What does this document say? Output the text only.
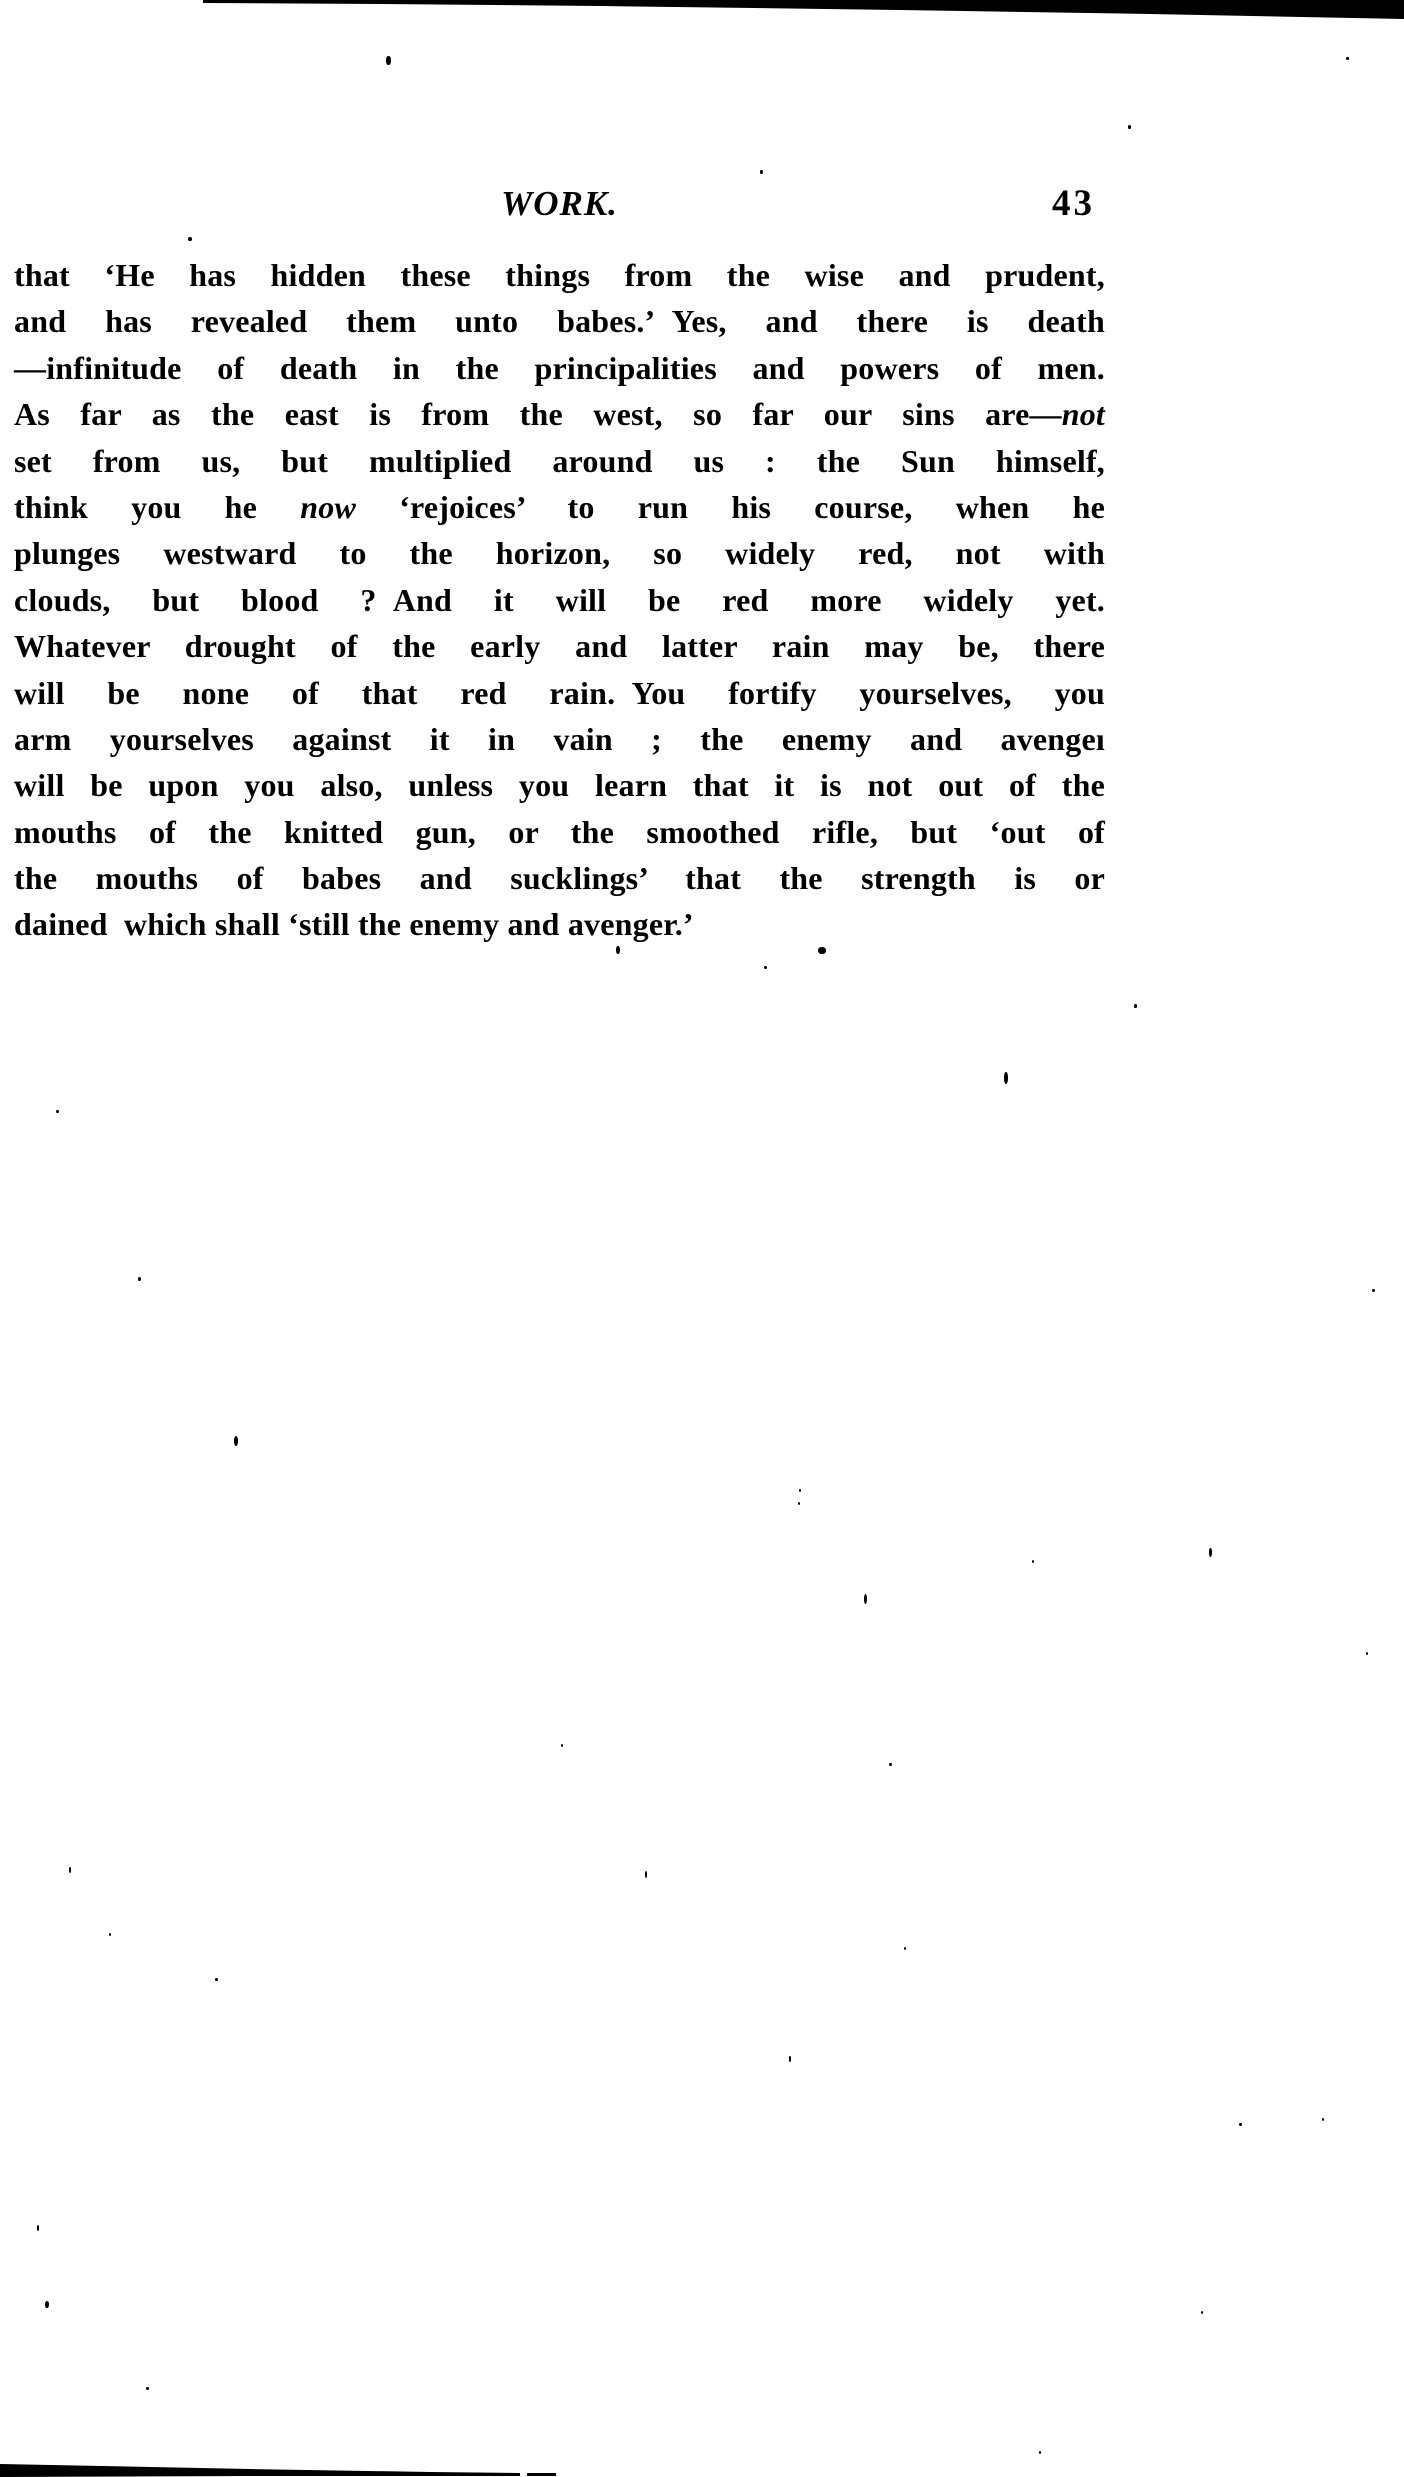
WORK.	43
that ‘He has hidden these things from the wise and prudent,
and has revealed them unto babes.’ Yes, and there is death
—infinitude of death in the principalities and powers of men.
As far as the east is from the west, so far our sins are—not
set from us, but multiplied around us : the Sun himself,
think you he now ‘rejoices’ to run his course, when he
plunges westward to the horizon, so widely red, not with
clouds, but blood ? And it will be red more widely yet.
Whatever drought of the early and latter rain may be, there
will be none of that red rain. You fortify yourselves, you
arm yourselves against it in vain ; the enemy and avengeı
will be upon you also, unless you learn that it is not out of the
mouths of the knitted gun, or the smoothed rifle, but ‘out of
the mouths of babes and sucklings’ that the strength is or
dained which shall ‘still the enemy and avenger.’
